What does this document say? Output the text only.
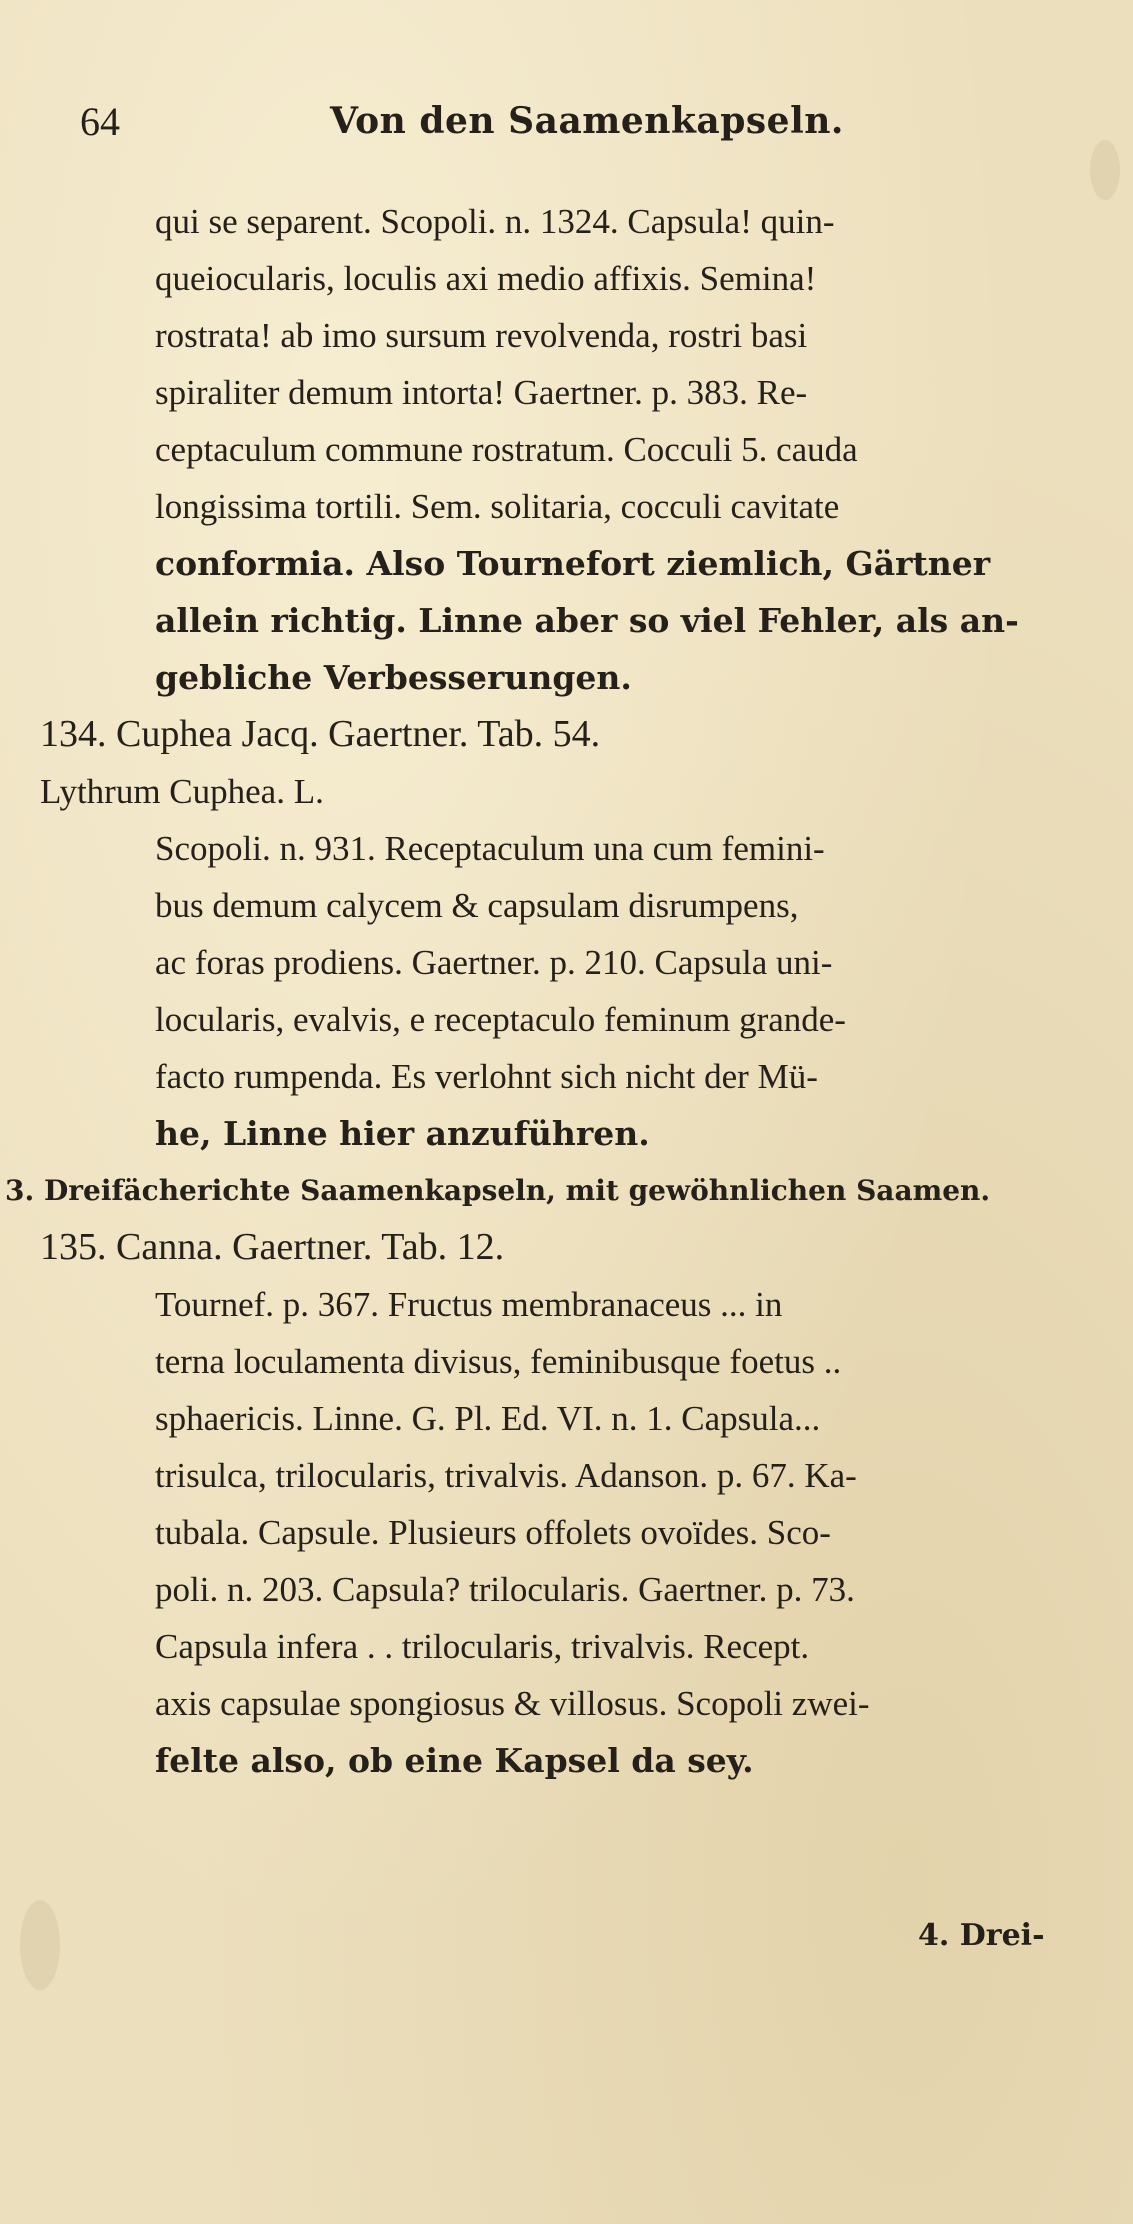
64	Von den Saamenkapseln.
qui se separent. Scopoli. n. 1324. Capsula! quin-
queiocularis, loculis axi medio affixis. Semina!
rostrata! ab imo sursum revolvenda, rostri basi
spiraliter demum intorta! Gaertner. p. 383. Re-
ceptaculum commune rostratum. Cocculi 5. cauda
longissima tortili. Sem. solitaria, cocculi cavitate
conformia. Also Tournefort ziemlich, Gärtner
allein richtig. Linne aber so viel Fehler, als an-
gebliche Verbesserungen.
134. Cuphea Jacq. Gaertner. Tab. 54.
Lythrum Cuphea. L.
Scopoli. n. 931. Receptaculum una cum femini-
bus demum calycem & capsulam disrumpens,
ac foras prodiens. Gaertner. p. 210. Capsula uni-
locularis, evalvis, e receptaculo feminum grande-
facto rumpenda. Es verlohnt sich nicht der Mü-
he, Linne hier anzuführen.
3. Dreifächerichte Saamenkapseln, mit gewöhnlichen Saamen.
135. Canna. Gaertner. Tab. 12.
Tournef. p. 367. Fructus membranaceus ... in
terna loculamenta divisus, feminibusque foetus ..
sphaericis. Linne. G. Pl. Ed. VI. n. 1. Capsula...
trisulca, trilocularis, trivalvis. Adanson. p. 67. Ka-
tubala. Capsule. Plusieurs offolets ovoïdes. Sco-
poli. n. 203. Capsula? trilocularis. Gaertner. p. 73.
Capsula infera . . trilocularis, trivalvis. Recept.
axis capsulae spongiosus & villosus. Scopoli zwei-
felte also, ob eine Kapsel da sey.
4. Drei-
